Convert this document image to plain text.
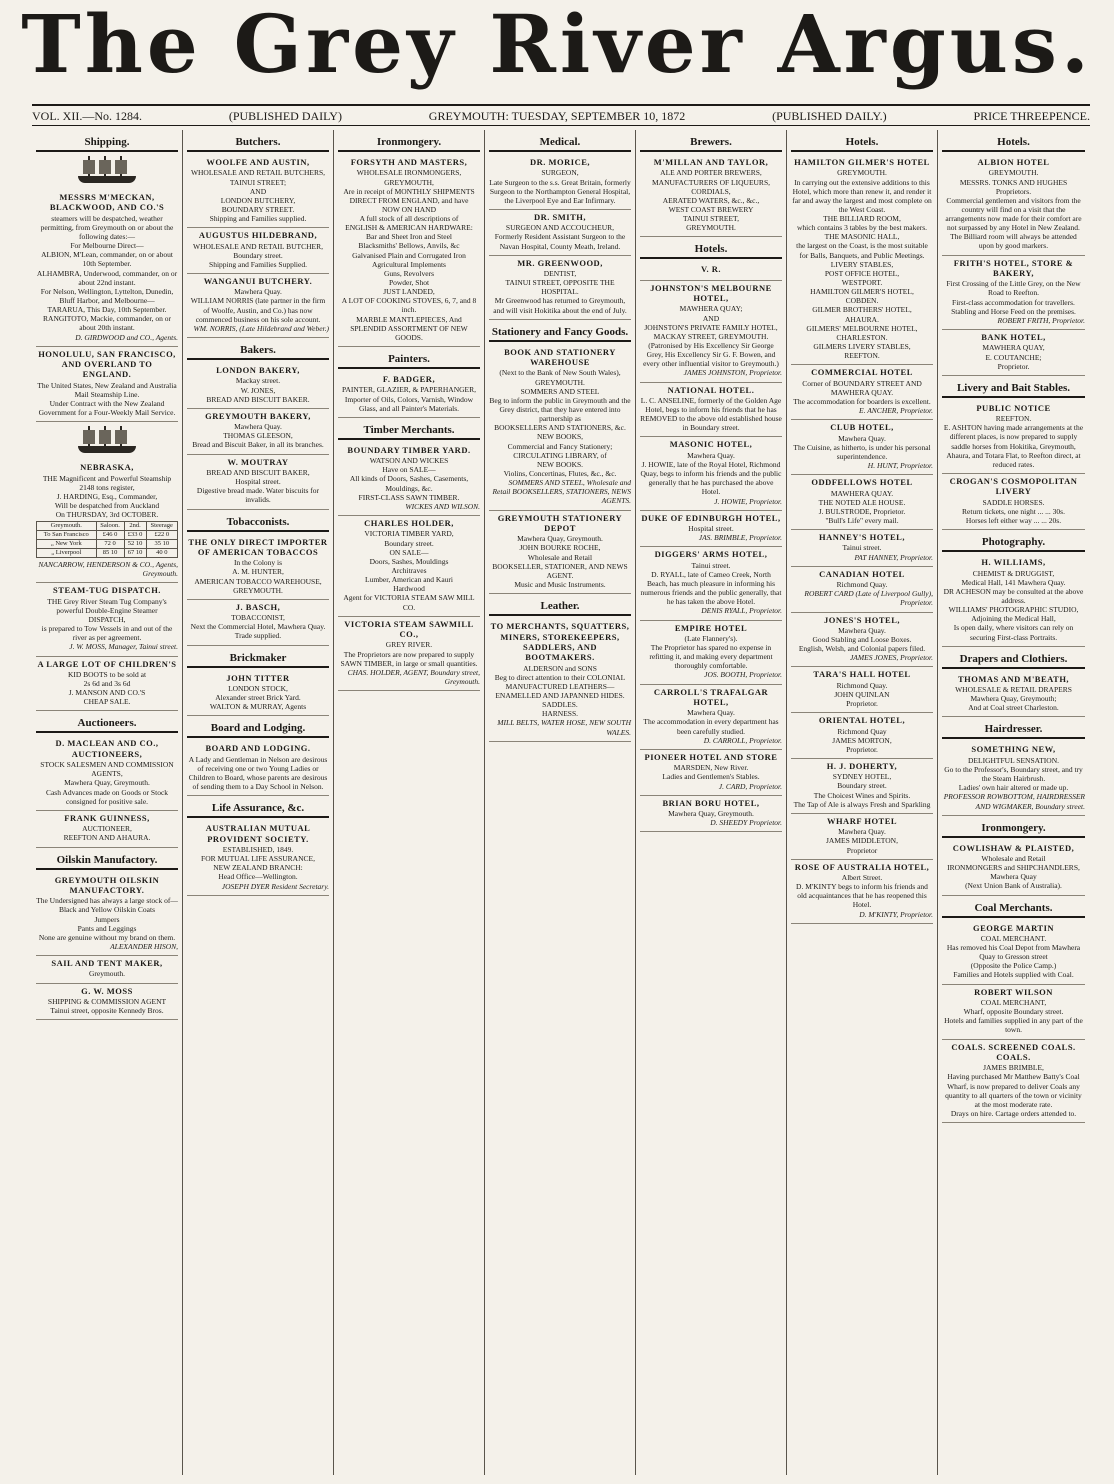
The Grey River Argus.
VOL. XII.—No. 1284.	(PUBLISHED DAILY)	GREYMOUTH: TUESDAY, SEPTEMBER 10, 1872	(PUBLISHED DAILY.)	PRICE THREEPENCE.
Shipping.
MESSRS M'MECKAN, BLACKWOOD, AND CO.'S
steamers will be despatched, weather permitting, from Greymouth on or about the following dates:—
For Melbourne Direct—
ALBION, M'Lean, commander, on or about 10th September.
ALHAMBRA, Underwood, commander, on or about 22nd instant.
For Nelson, Wellington, Lyttelton, Dunedin, Bluff Harbor, and Melbourne—
TARARUA, This Day, 10th September.
RANGITOTO, Mackie, commander, on or about 20th instant.
D. GIRDWOOD and CO., Agents.
HONOLULU, SAN FRANCISCO, AND OVERLAND TO ENGLAND.
The United States, New Zealand and Australia Mail Steamship Line.
Under Contract with the New Zealand Government for a Four-Weekly Mail Service.
NEBRASKA,
THE Magnificent and Powerful Steamship
2148 tons register,
J. HARDING, Esq., Commander,
Will be despatched from Auckland
On THURSDAY, 3rd OCTOBER.
Greymouth.	Saloon.	2nd.	Steerage
To San Francisco	£46 0	£33 0	£22 0
„ New York	72 0	52 10	35 10
„ Liverpool	85 10	67 10	40 0
NANCARROW, HENDERSON & CO., Agents, Greymouth.
STEAM-TUG DISPATCH.
THE Grey River Steam Tug Company's powerful Double-Engine Steamer
DISPATCH,
is prepared to Tow Vessels in and out of the river as per agreement.
J. W. MOSS, Manager, Tainui street.
A LARGE LOT OF CHILDREN'S
KID BOOTS to be sold at
2s 6d and 3s 6d
J. MANSON AND CO.'S
CHEAP SALE.
Auctioneers.
D. MACLEAN AND CO., AUCTIONEERS,
STOCK SALESMEN AND COMMISSION AGENTS,
Mawhera Quay, Greymouth.
Cash Advances made on Goods or Stock consigned for positive sale.
FRANK GUINNESS,
AUCTIONEER,
REEFTON AND AHAURA.
Oilskin Manufactory.
GREYMOUTH OILSKIN MANUFACTORY.
The Undersigned has always a large stock of—
Black and Yellow Oilskin Coats
Jumpers
Pants and Leggings
None are genuine without my brand on them.
ALEXANDER HISON,
SAIL AND TENT MAKER,
Greymouth.
G. W. MOSS
SHIPPING & COMMISSION AGENT
Tainui street, opposite Kennedy Bros.
Butchers.
WOOLFE AND AUSTIN,
WHOLESALE AND RETAIL BUTCHERS,
TAINUI STREET;
AND
LONDON BUTCHERY,
BOUNDARY STREET.
Shipping and Families supplied.
AUGUSTUS HILDEBRAND,
WHOLESALE AND RETAIL BUTCHER,
Boundary street.
Shipping and Families Supplied.
WANGANUI BUTCHERY.
Mawhera Quay.
WILLIAM NORRIS (late partner in the firm of Woolfe, Austin, and Co.) has now commenced business on his sole account.
WM. NORRIS, (Late Hildebrand and Weber.)
Bakers.
LONDON BAKERY,
Mackay street.
W. JONES,
BREAD AND BISCUIT BAKER.
GREYMOUTH BAKERY,
Mawhera Quay.
THOMAS GLEESON,
Bread and Biscuit Baker, in all its branches.
W. MOUTRAY
BREAD AND BISCUIT BAKER,
Hospital street.
Digestive bread made. Water biscuits for invalids.
Tobacconists.
THE ONLY DIRECT IMPORTER OF AMERICAN TOBACCOS
In the Colony is
A. M. HUNTER,
AMERICAN TOBACCO WAREHOUSE, GREYMOUTH.
J. BASCH,
TOBACCONIST,
Next the Commercial Hotel, Mawhera Quay.
Trade supplied.
Brickmaker
JOHN TITTER
LONDON STOCK,
Alexander street Brick Yard.
WALTON & MURRAY, Agents
Board and Lodging.
BOARD AND LODGING.
A Lady and Gentleman in Nelson are desirous of receiving one or two Young Ladies or Children to Board, whose parents are desirous of sending them to a Day School in Nelson.
Life Assurance, &c.
AUSTRALIAN MUTUAL PROVIDENT SOCIETY.
ESTABLISHED, 1849.
FOR MUTUAL LIFE ASSURANCE,
NEW ZEALAND BRANCH:
Head Office—Wellington.
JOSEPH DYER Resident Secretary.
Ironmongery.
FORSYTH AND MASTERS,
WHOLESALE IRONMONGERS,
GREYMOUTH,
Are in receipt of MONTHLY SHIPMENTS DIRECT FROM ENGLAND, and have
NOW ON HAND
A full stock of all descriptions of
ENGLISH & AMERICAN HARDWARE:
Bar and Sheet Iron and Steel
Blacksmiths' Bellows, Anvils, &c
Galvanised Plain and Corrugated Iron
Agricultural Implements
Guns, Revolvers
Powder, Shot
JUST LANDED,
A LOT OF COOKING STOVES, 6, 7, and 8 inch.
MARBLE MANTLEPIECES, And
SPLENDID ASSORTMENT OF NEW GOODS.
Painters.
F. BADGER,
PAINTER, GLAZIER, & PAPERHANGER,
Importer of Oils, Colors, Varnish, Window Glass, and all Painter's Materials.
Timber Merchants.
BOUNDARY TIMBER YARD.
WATSON AND WICKES
Have on SALE—
All kinds of Doors, Sashes, Casements, Mouldings, &c.
FIRST-CLASS SAWN TIMBER.
WICKES AND WILSON.
CHARLES HOLDER,
VICTORIA TIMBER YARD,
Boundary street.
ON SALE—
Doors, Sashes, Mouldings
Architraves
Lumber, American and Kauri
Hardwood
Agent for VICTORIA STEAM SAW MILL CO.
VICTORIA STEAM SAWMILL CO.,
GREY RIVER.
The Proprietors are now prepared to supply SAWN TIMBER, in large or small quantities.
CHAS. HOLDER, AGENT, Boundary street, Greymouth.
Medical.
DR. MORICE,
SURGEON,
Late Surgeon to the s.s. Great Britain, formerly Surgeon to the Northampton General Hospital, the Liverpool Eye and Ear Infirmary.
DR. SMITH,
SURGEON AND ACCOUCHEUR,
Formerly Resident Assistant Surgeon to the Navan Hospital, County Meath, Ireland.
MR. GREENWOOD,
DENTIST,
TAINUI STREET, OPPOSITE THE HOSPITAL.
Mr Greenwood has returned to Greymouth, and will visit Hokitika about the end of July.
Stationery and Fancy Goods.
BOOK AND STATIONERY WAREHOUSE
(Next to the Bank of New South Wales),
GREYMOUTH.
SOMMERS AND STEEL
Beg to inform the public in Greymouth and the Grey district, that they have entered into partnership as
BOOKSELLERS AND STATIONERS, &c.
NEW BOOKS,
Commercial and Fancy Stationery;
CIRCULATING LIBRARY, of
NEW BOOKS.
Violins, Concertinas, Flutes, &c., &c.
SOMMERS AND STEEL, Wholesale and Retail BOOKSELLERS, STATIONERS, NEWS AGENTS.
GREYMOUTH STATIONERY DEPOT
Mawhera Quay, Greymouth.
JOHN BOURKE ROCHE,
Wholesale and Retail
BOOKSELLER, STATIONER, AND NEWS AGENT.
Music and Music Instruments.
Leather.
TO MERCHANTS, SQUATTERS, MINERS, STOREKEEPERS, SADDLERS, AND BOOTMAKERS.
ALDERSON and SONS
Beg to direct attention to their COLONIAL MANUFACTURED LEATHERS—
ENAMELLED AND JAPANNED HIDES.
SADDLES.
HARNESS.
MILL BELTS, WATER HOSE, NEW SOUTH WALES.
Brewers.
M'MILLAN AND TAYLOR,
ALE AND PORTER BREWERS,
MANUFACTURERS OF LIQUEURS, CORDIALS,
AERATED WATERS, &c., &c.,
WEST COAST BREWERY
TAINUI STREET,
GREYMOUTH.
Hotels.
V. R.
JOHNSTON'S MELBOURNE HOTEL,
MAWHERA QUAY;
AND
JOHNSTON'S PRIVATE FAMILY HOTEL,
MACKAY STREET, GREYMOUTH.
(Patronised by His Excellency Sir George Grey, His Excellency Sir G. F. Bowen, and every other influential visitor to Greymouth.)
JAMES JOHNSTON, Proprietor.
NATIONAL HOTEL.
L. C. ANSELINE, formerly of the Golden Age Hotel, begs to inform his friends that he has REMOVED to the above old established house in Boundary street.
MASONIC HOTEL,
Mawhera Quay.
J. HOWIE, late of the Royal Hotel, Richmond Quay, begs to inform his friends and the public generally that he has purchased the above Hotel.
J. HOWIE, Proprietor.
DUKE OF EDINBURGH HOTEL,
Hospital street.
JAS. BRIMBLE, Proprietor.
DIGGERS' ARMS HOTEL,
Tainui street.
D. RYALL, late of Cameo Creek, North Beach, has much pleasure in informing his numerous friends and the public generally, that he has taken the above Hotel.
DENIS RYALL, Proprietor.
EMPIRE HOTEL
(Late Flannery's).
The Proprietor has spared no expense in refitting it, and making every department thoroughly comfortable.
JOS. BOOTH, Proprietor.
CARROLL'S TRAFALGAR HOTEL,
Mawhera Quay.
The accommodation in every department has been carefully studied.
D. CARROLL, Proprietor.
PIONEER HOTEL AND STORE
MARSDEN, New River.
Ladies and Gentlemen's Stables.
J. CARD, Proprietor.
BRIAN BORU HOTEL,
Mawhera Quay, Greymouth.
D. SHEEDY Proprietor.
Hotels.
HAMILTON GILMER'S HOTEL
GREYMOUTH.
In carrying out the extensive additions to this Hotel, which more than renew it, and render it far and away the largest and most complete on the West Coast.
THE BILLIARD ROOM,
which contains 3 tables by the best makers.
THE MASONIC HALL,
the largest on the Coast, is the most suitable for Balls, Banquets, and Public Meetings.
LIVERY STABLES,
POST OFFICE HOTEL,
WESTPORT.
HAMILTON GILMER'S HOTEL,
COBDEN.
GILMER BROTHERS' HOTEL,
AHAURA.
GILMERS' MELBOURNE HOTEL,
CHARLESTON.
GILMERS LIVERY STABLES,
REEFTON.
COMMERCIAL HOTEL
Corner of BOUNDARY STREET AND MAWHERA QUAY.
The accommodation for boarders is excellent.
E. ANCHER, Proprietor.
CLUB HOTEL,
Mawhera Quay.
The Cuisine, as hitherto, is under his personal superintendence.
H. HUNT, Proprietor.
ODDFELLOWS HOTEL
MAWHERA QUAY.
THE NOTED ALE HOUSE.
J. BULSTRODE, Proprietor.
"Bull's Life" every mail.
HANNEY'S HOTEL,
Tainui street.
PAT HANNEY, Proprietor.
CANADIAN HOTEL
Richmond Quay.
ROBERT CARD (Late of Liverpool Gully), Proprietor.
JONES'S HOTEL,
Mawhera Quay.
Good Stabling and Loose Boxes.
English, Welsh, and Colonial papers filed.
JAMES JONES, Proprietor.
TARA'S HALL HOTEL
Richmond Quay.
JOHN QUINLAN
Proprietor.
ORIENTAL HOTEL,
Richmond Quay
JAMES MORTON,
Proprietor.
H. J. DOHERTY,
SYDNEY HOTEL,
Boundary street.
The Choicest Wines and Spirits.
The Tap of Ale is always Fresh and Sparkling
WHARF HOTEL
Mawhera Quay.
JAMES MIDDLETON,
Proprietor
ROSE OF AUSTRALIA HOTEL,
Albert Street.
D. M'KINTY begs to inform his friends and old acquaintances that he has reopened this Hotel.
D. M'KINTY, Proprietor.
Hotels.
ALBION HOTEL
GREYMOUTH.
MESSRS. TONKS AND HUGHES
Proprietors.
Commercial gentlemen and visitors from the country will find on a visit that the arrangements now made for their comfort are not surpassed by any Hotel in New Zealand.
The Billiard room will always be attended upon by good markers.
FRITH'S HOTEL, STORE & BAKERY,
First Crossing of the Little Grey, on the New Road to Reefton.
First-class accommodation for travellers.
Stabling and Horse Feed on the premises.
ROBERT FRITH, Proprietor.
BANK HOTEL,
MAWHERA QUAY,
E. COUTANCHE;
Proprietor.
Livery and Bait Stables.
PUBLIC NOTICE
REEFTON.
E. ASHTON having made arrangements at the different places, is now prepared to supply saddle horses from Hokitika, Greymouth, Ahaura, and Totara Flat, to Reefton direct, at reduced rates.
CROGAN'S COSMOPOLITAN LIVERY
SADDLE HORSES.
Return tickets, one night ... ... 30s.
Horses left either way ... ... 20s.
Photography.
H. WILLIAMS,
CHEMIST & DRUGGIST,
Medical Hall, 141 Mawhera Quay.
DR ACHESON may be consulted at the above address.
WILLIAMS' PHOTOGRAPHIC STUDIO,
Adjoining the Medical Hall,
Is open daily, where visitors can rely on securing First-class Portraits.
Drapers and Clothiers.
THOMAS AND M'BEATH,
WHOLESALE & RETAIL DRAPERS
Mawhera Quay, Greymouth;
And at Coal street Charleston.
Hairdresser.
SOMETHING NEW,
DELIGHTFUL SENSATION.
Go to the Professor's, Boundary street, and try the Steam Hairbrush.
Ladies' own hair altered or made up.
PROFESSOR ROWBOTTOM, HAIRDRESSER AND WIGMAKER, Boundary street.
Ironmongery.
COWLISHAW & PLAISTED,
Wholesale and Retail
IRONMONGERS and SHIPCHANDLERS,
Mawhera Quay
(Next Union Bank of Australia).
Coal Merchants.
GEORGE MARTIN
COAL MERCHANT.
Has removed his Coal Depot from Mawhera Quay to Gresson street
(Opposite the Police Camp.)
Families and Hotels supplied with Coal.
ROBERT WILSON
COAL MERCHANT,
Wharf, opposite Boundary street.
Hotels and families supplied in any part of the town.
COALS. SCREENED COALS. COALS.
JAMES BRIMBLE,
Having purchased Mr Matthew Batty's Coal Wharf, is now prepared to deliver Coals any quantity to all quarters of the town or vicinity at the most moderate rate.
Drays on hire. Cartage orders attended to.
